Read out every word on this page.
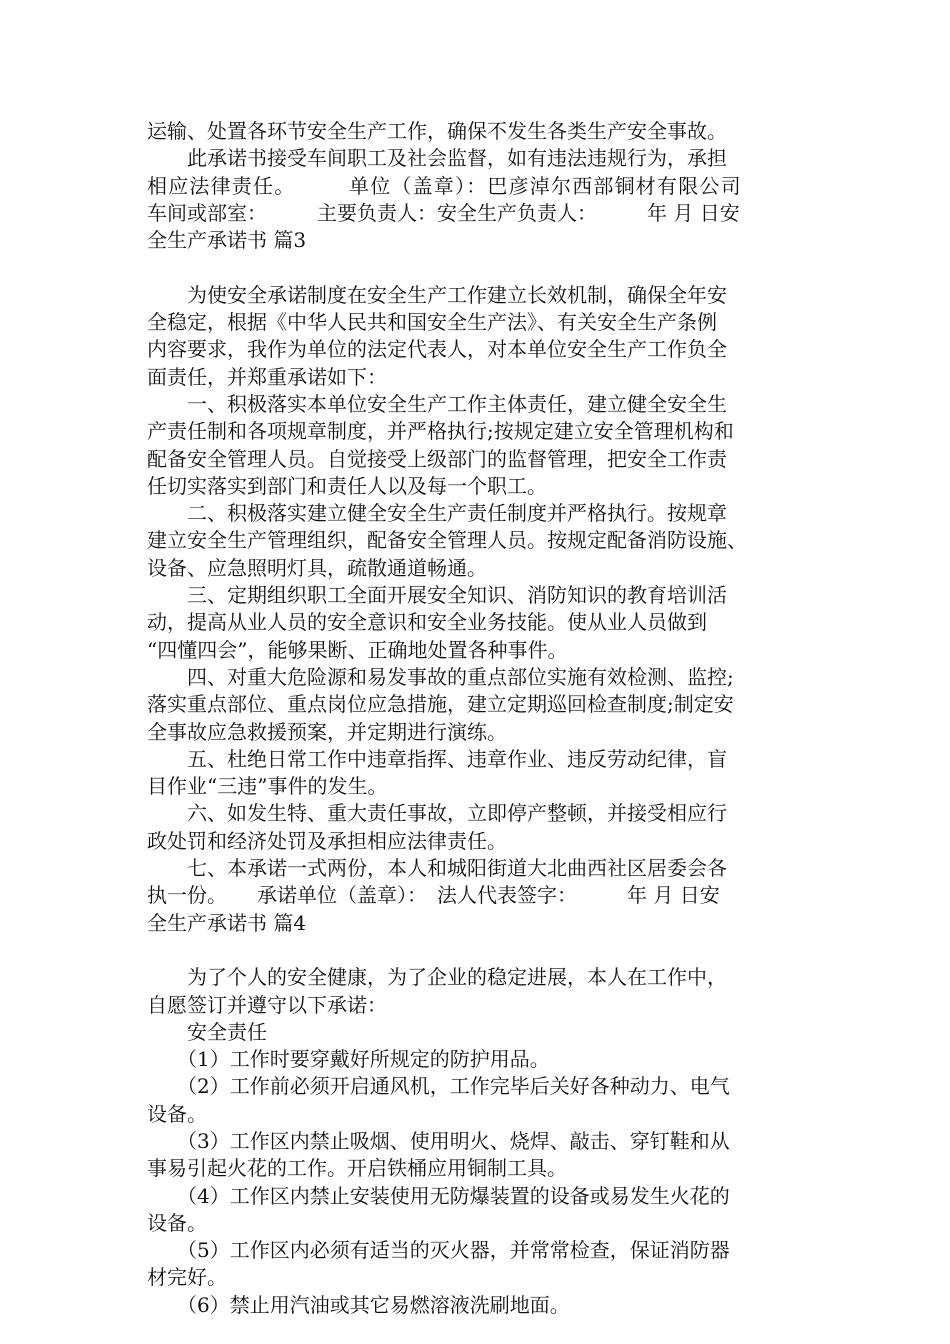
运输、处置各环节安全生产工作，确保不发生各类生产安全事故。
　　此承诺书接受车间职工及社会监督，如有违法违规行为，承担
相应法律责任。　　　单位（盖章）：巴彦淖尔西部铜材有限公司
车间或部室：　　　主要负责人：安全生产负责人：　　　年 月 日安
全生产承诺书 篇3
　　为使安全承诺制度在安全生产工作建立长效机制，确保全年安
全稳定，根据《中华人民共和国安全生产法》、有关安全生产条例
内容要求，我作为单位的法定代表人，对本单位安全生产工作负全
面责任，并郑重承诺如下：
　　一、积极落实本单位安全生产工作主体责任，建立健全安全生
产责任制和各项规章制度，并严格执行;按规定建立安全管理机构和
配备安全管理人员。自觉接受上级部门的监督管理，把安全工作责
任切实落实到部门和责任人以及每一个职工。
　　二、积极落实建立健全安全生产责任制度并严格执行。按规章
建立安全生产管理组织，配备安全管理人员。按规定配备消防设施、
设备、应急照明灯具，疏散通道畅通。
　　三、定期组织职工全面开展安全知识、消防知识的教育培训活
动，提高从业人员的安全意识和安全业务技能。使从业人员做到
“四懂四会”，能够果断、正确地处置各种事件。
　　四、对重大危险源和易发事故的重点部位实施有效检测、监控;
落实重点部位、重点岗位应急措施，建立定期巡回检查制度;制定安
全事故应急救援预案，并定期进行演练。
　　五、杜绝日常工作中违章指挥、违章作业、违反劳动纪律，盲
目作业“三违”事件的发生。
　　六、如发生特、重大责任事故，立即停产整顿，并接受相应行
政处罚和经济处罚及承担相应法律责任。
　　七、本承诺一式两份，本人和城阳街道大北曲西社区居委会各
执一份。　　承诺单位（盖章）：　法人代表签字：　　　年 月 日安
全生产承诺书 篇4
　　为了个人的安全健康，为了企业的稳定进展，本人在工作中，
自愿签订并遵守以下承诺：
　　安全责任
　　（1）工作时要穿戴好所规定的防护用品。
　　（2）工作前必须开启通风机，工作完毕后关好各种动力、电气
设备。
　　（3）工作区内禁止吸烟、使用明火、烧焊、敲击、穿钉鞋和从
事易引起火花的工作。开启铁桶应用铜制工具。
　　（4）工作区内禁止安装使用无防爆装置的设备或易发生火花的
设备。
　　（5）工作区内必须有适当的灭火器，并常常检查，保证消防器
材完好。
　　（6）禁止用汽油或其它易燃溶液洗刷地面。
